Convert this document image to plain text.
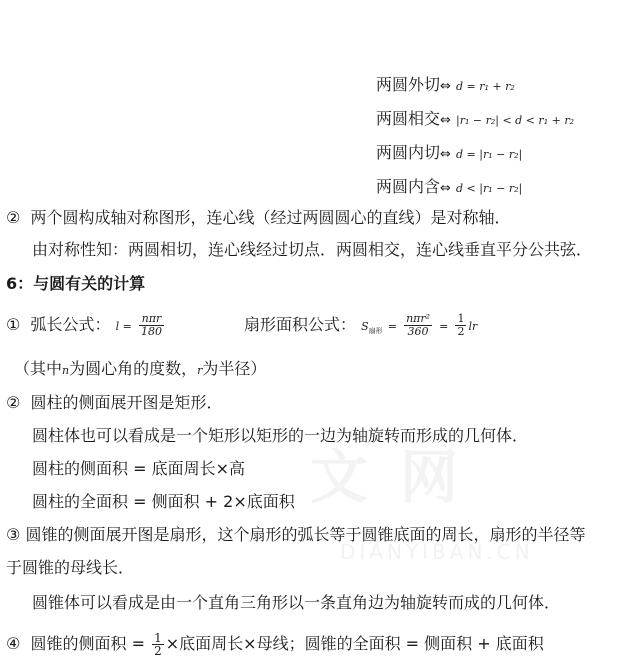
文 网
DIANYIBAN.CN
两圆外切⇔ d = r₁ + r₂
两圆相交⇔ |r₁ − r₂| < d < r₁ + r₂
两圆内切⇔ d = |r₁ − r₂|
两圆内含⇔ d < |r₁ − r₂|
② 两个圆构成轴对称图形，连心线（经过两圆圆心的直线）是对称轴．
由对称性知：两圆相切，连心线经过切点．两圆相交，连心线垂直平分公共弦．
6：与圆有关的计算
① 弧长公式： $l = \frac{\text{nπr}}{180}$	扇形面积公式： $S_{扇形} = \frac{\text{nπr²}}{360} = \frac{1}{2}$ lr
（其中n为圆心角的度数，r为半径）
② 圆柱的侧面展开图是矩形．
圆柱体也可以看成是一个矩形以矩形的一边为轴旋转而形成的几何体．
圆柱的侧面积 = 底面周长×高
圆柱的全面积 = 侧面积 + 2×底面积
③ 圆锥的侧面展开图是扇形，这个扇形的弧长等于圆锥底面的周长，扇形的半径等
于圆锥的母线长．
圆锥体可以看成是由一个直角三角形以一条直角边为轴旋转而成的几何体．
④ 圆锥的侧面积 = $\frac{1}{2}$ ×底面周长×母线；圆锥的全面积 = 侧面积 + 底面积
